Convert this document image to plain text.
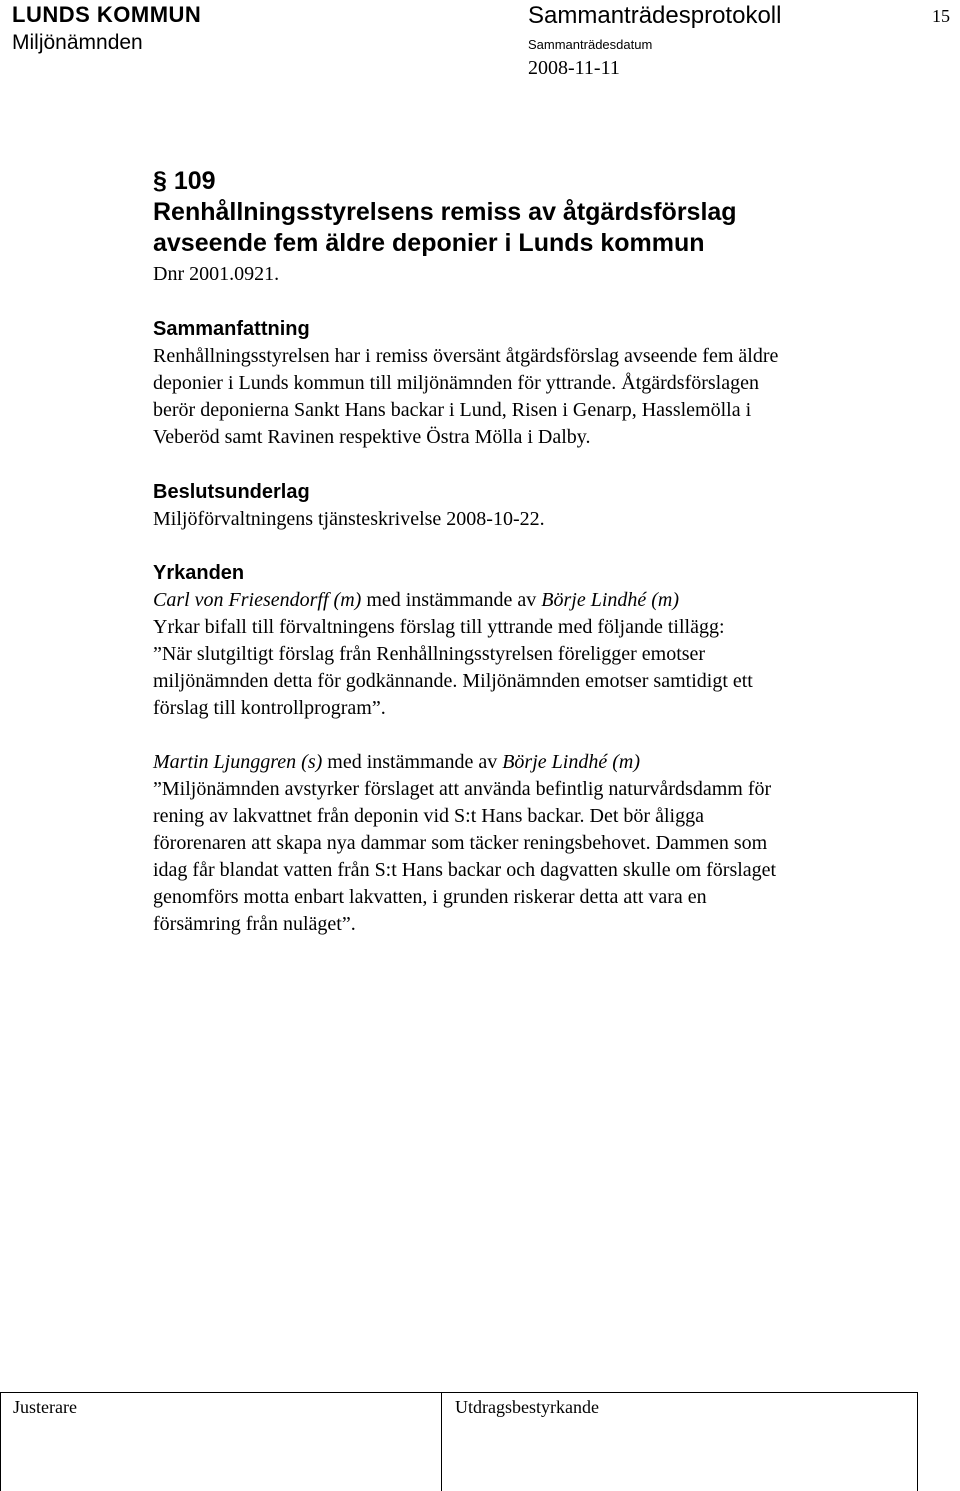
LUNDS KOMMUN
Miljönämnden
Sammanträdesprotokoll	15
Sammanträdesdatum
2008-11-11
§ 109
Renhållningsstyrelsens remiss av åtgärdsförslag
avseende fem äldre deponier i Lunds kommun
Dnr 2001.0921.
Sammanfattning
Renhållningsstyrelsen har i remiss översänt åtgärdsförslag avseende fem äldre
deponier i Lunds kommun till miljönämnden för yttrande. Åtgärdsförslagen
berör deponierna Sankt Hans backar i Lund, Risen i Genarp, Hasslemölla i
Veberöd samt Ravinen respektive Östra Mölla i Dalby.
Beslutsunderlag
Miljöförvaltningens tjänsteskrivelse 2008-10-22.
Yrkanden
Carl von Friesendorff (m) med instämmande av Börje Lindhé (m)
Yrkar bifall till förvaltningens förslag till yttrande med följande tillägg:
”När slutgiltigt förslag från Renhållningsstyrelsen föreligger emotser
miljönämnden detta för godkännande. Miljönämnden emotser samtidigt ett
förslag till kontrollprogram”.
Martin Ljunggren (s) med instämmande av Börje Lindhé (m)
”Miljönämnden avstyrker förslaget att använda befintlig naturvårdsdamm för
rening av lakvattnet från deponin vid S:t Hans backar. Det bör åligga
förorenaren att skapa nya dammar som täcker reningsbehovet. Dammen som
idag får blandat vatten från S:t Hans backar och dagvatten skulle om förslaget
genomförs motta enbart lakvatten, i grunden riskerar detta att vara en
försämring från nuläget”.
Justerare	Utdragsbestyrkande
